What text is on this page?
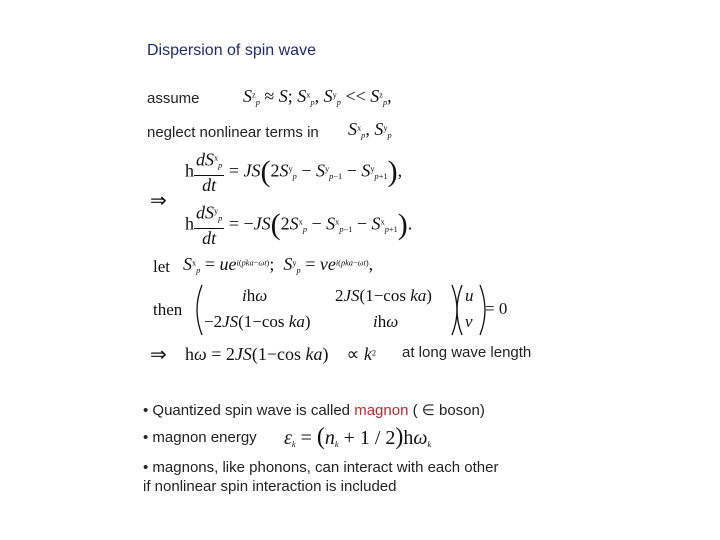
Dispersion of spin wave
assume $S^z_p \approx S$; $S^x_p$, $S^y_p << S^z_p$,
neglect nonlinear terms in $S^x_p$, $S^y_p$
h $\frac{dS^x_p}{dt} = JS(2S^y_p - S^y_{p-1} - S^y_{p+1})$,
⇒
h $\frac{dS^y_p}{dt} = -JS(2S^x_p - S^x_{p-1} - S^x_{p+1})$.
let $S^x_p = ue^{i(pka-\omega t)}$;  $S^y_p = ve^{i(pka-\omega t)}$,
then
ihω	2JS(1−cos ka)
−2JS(1−cos ka)	ihω
u
v
= 0
⇒ hω = 2JS(1−cos ka)    ∝ $k^2$ at long wave length
• Quantized spin wave is called magnon ( ∈ boson)
• magnon energy $\varepsilon_k = (n_k + 1 / 2)h\omega_k$
• magnons, like phonons, can interact with each other
if nonlinear spin interaction is included
